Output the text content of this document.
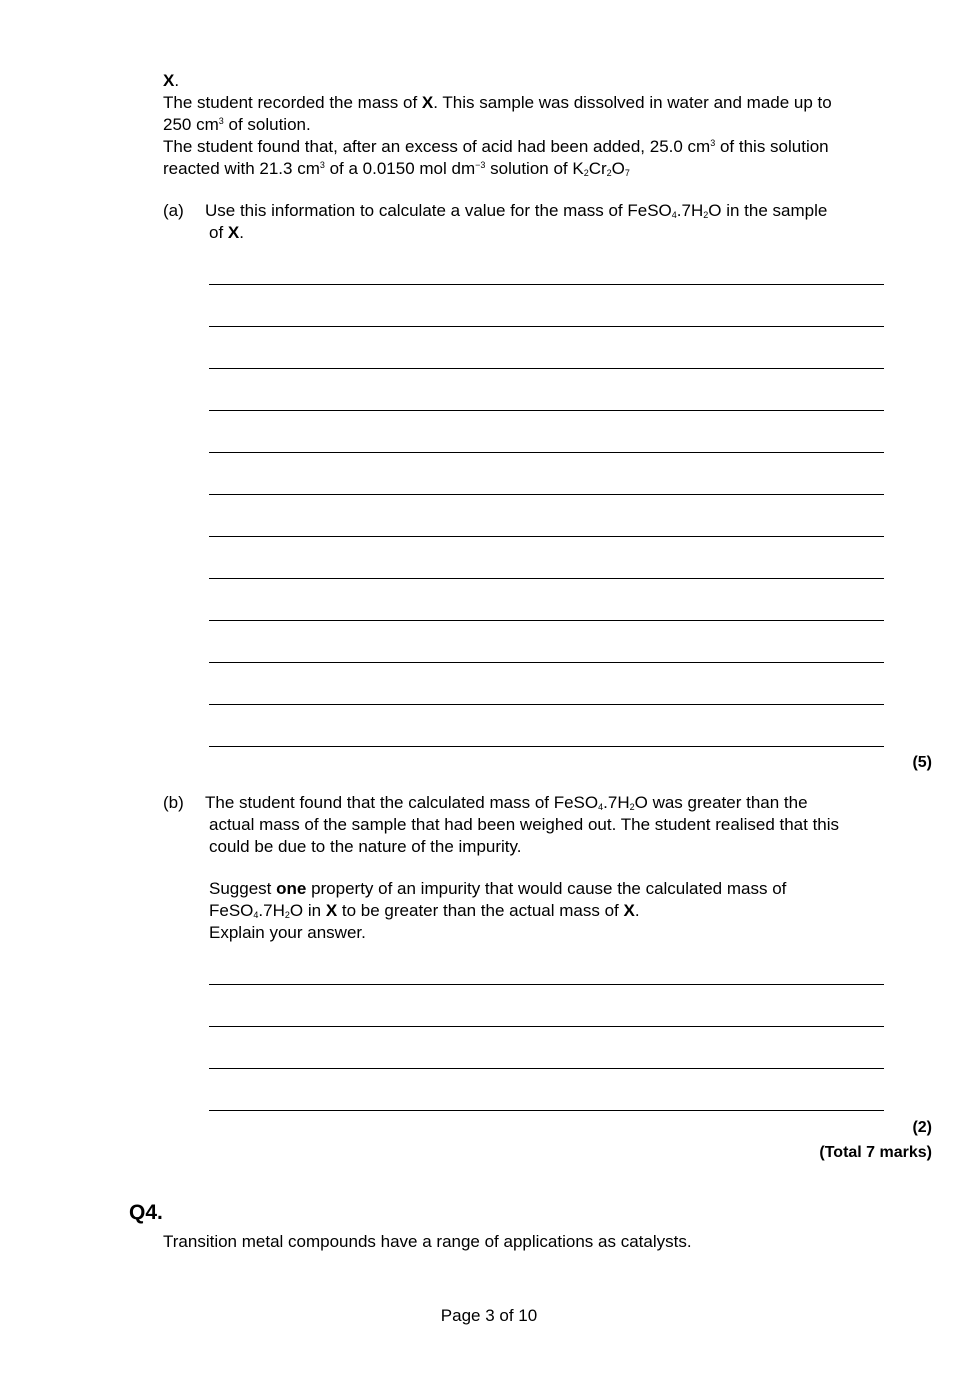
X.
The student recorded the mass of X. This sample was dissolved in water and made up to
250 $cm^3$ of solution.
The student found that, after an excess of acid had been added, 25.0 $cm^3$ of this solution
reacted with 21.3 $cm^3$ of a 0.0150 mol $dm^{-3}$ solution of $K_2Cr_2O_7$
(a) Use this information to calculate a value for the mass of $FeSO_4.7H_2O$ in the sample
of X.
(5)
(b) The student found that the calculated mass of $FeSO_4.7H_2O$ was greater than the
actual mass of the sample that had been weighed out. The student realised that this
could be due to the nature of the impurity.
Suggest one property of an impurity that would cause the calculated mass of
$FeSO_4.7H_2O$ in X to be greater than the actual mass of X.
Explain your answer.
(2)
(Total 7 marks)
Q4.
Transition metal compounds have a range of applications as catalysts.
Page 3 of 10
